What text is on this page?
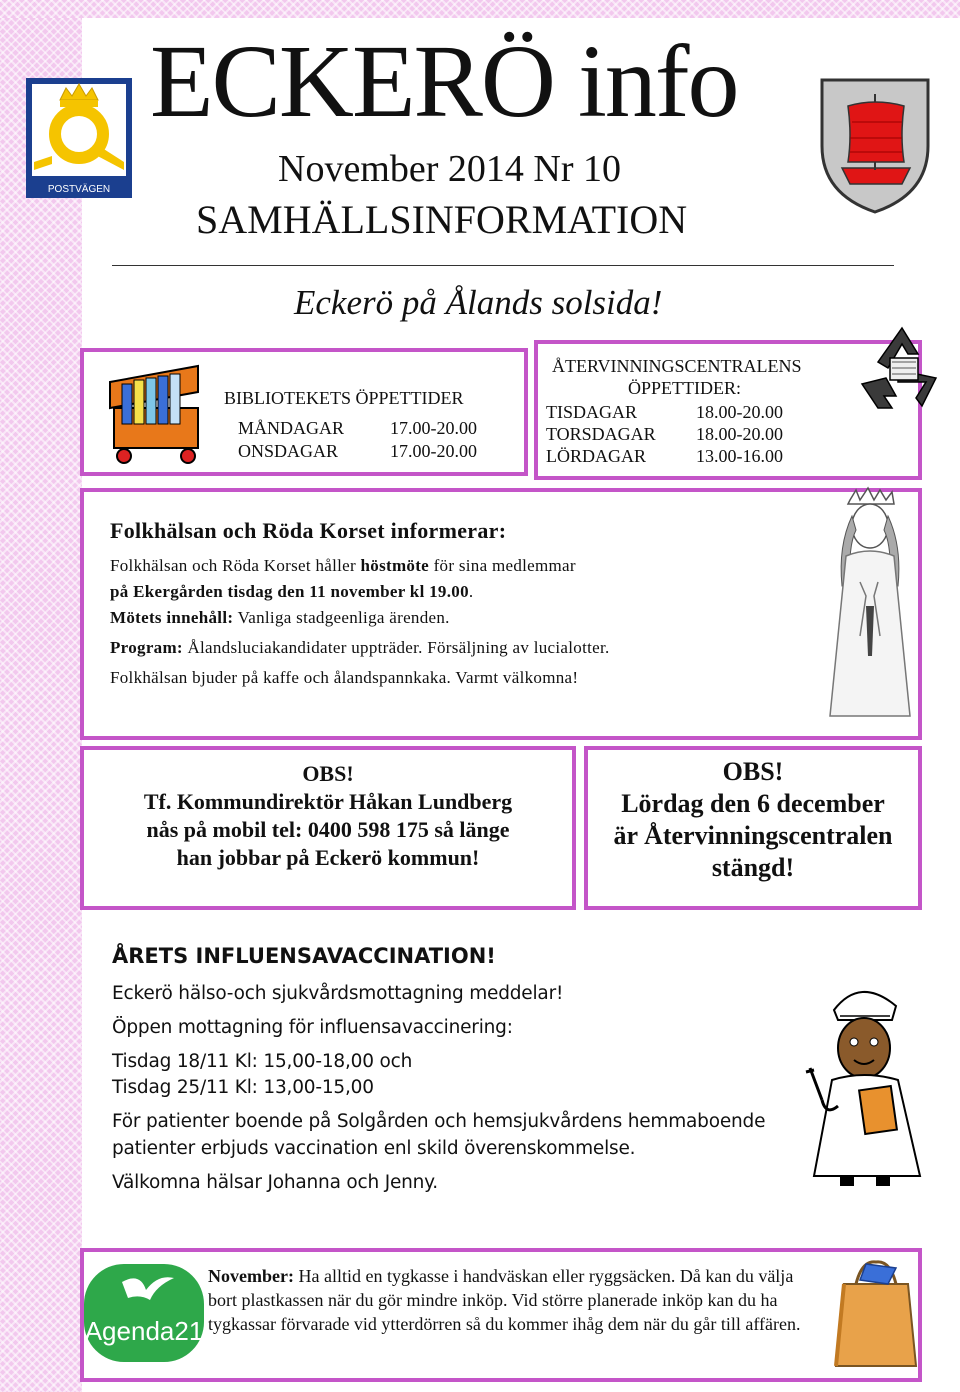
POSTVÄGEN
ECKERÖ info
November 2014 Nr 10
SAMHÄLLSINFORMATION
Eckerö på Ålands solsida!
BIBLIOTEKETS ÖPPETTIDER
MÅNDAGAR	17.00-20.00
ONSDAGAR	17.00-20.00
ÅTERVINNINGSCENTRALENS
ÖPPETTIDER:
TISDAGAR	18.00-20.00
TORSDAGAR 18.00-20.00
LÖRDAGAR	13.00-16.00
Folkhälsan och Röda Korset informerar:
Folkhälsan och Röda Korset håller höstmöte för sina medlemmar
på Ekergården tisdag den 11 november kl 19.00.
Mötets innehåll: Vanliga stadgeenliga ärenden.
Program: Ålandsluciakandidater uppträder. Försäljning av lucialotter.
Folkhälsan bjuder på kaffe och ålandspannkaka. Varmt välkomna!
OBS!
Tf. Kommundirektör Håkan Lundberg
nås på mobil tel: 0400 598 175 så länge
han jobbar på Eckerö kommun!
OBS!
Lördag den 6 december
är Återvinningscentralen
stängd!
ÅRETS INFLUENSAVACCINATION!
Eckerö hälso-och sjukvårdsmottagning meddelar!
Öppen mottagning för influensavaccinering:
Tisdag 18/11 Kl: 15,00-18,00 och
Tisdag 25/11 Kl: 13,00-15,00
För patienter boende på Solgården och hemsjukvårdens hemmaboende
patienter erbjuds vaccination enl skild överenskommelse.
Välkomna hälsar Johanna och Jenny.
Agenda21
November: Ha alltid en tygkasse i handväskan eller ryggsäcken. Då kan du välja bort plastkassen när du gör mindre inköp. Vid större planerade inköp kan du ha tygkassar förvarade vid ytterdörren så du kommer ihåg dem när du går till affären.
